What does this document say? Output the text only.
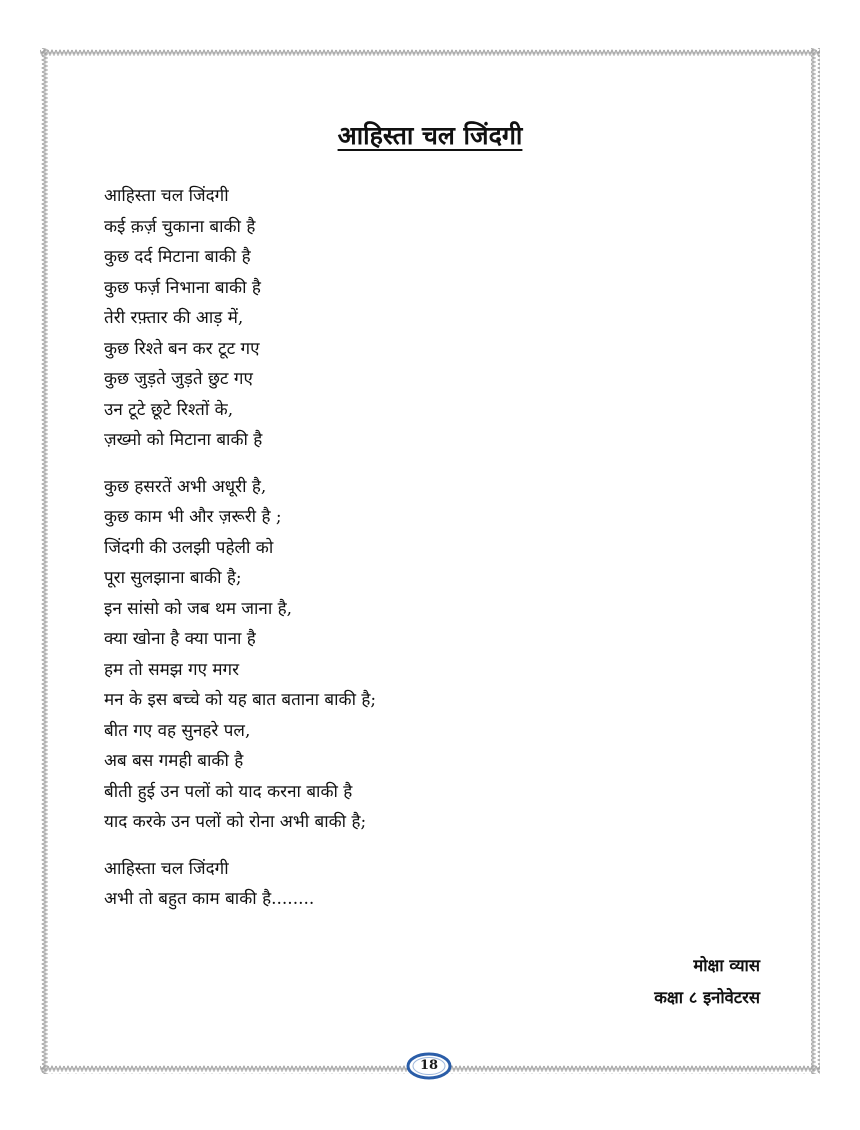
आहिस्ता चल जिंदगी

आहिस्ता चल जिंदगी
कई क़र्ज़ चुकाना बाकी है
कुछ दर्द मिटाना बाकी है
कुछ फर्ज़ निभाना बाकी है
तेरी रफ़्तार की आड़ में,
कुछ रिश्ते बन कर टूट गए
कुछ जुड़ते जुड़ते छुट गए
उन टूटे छूटे रिश्तों के,
ज़ख्मो को मिटाना बाकी है

कुछ हसरतें अभी अधूरी है,
कुछ काम भी और ज़रूरी है ;
जिंदगी की उलझी पहेली को
पूरा सुलझाना बाकी है;
इन सांसो को जब थम जाना है,
क्या खोना है क्या पाना है
हम तो समझ गए मगर
मन के इस बच्चे को यह बात बताना बाकी है;
बीत गए वह सुनहरे पल,
अब बस गमही बाकी है
बीती हुई उन पलों को याद करना बाकी है
याद करके उन पलों को रोना अभी बाकी है;

आहिस्ता चल जिंदगी
अभी तो बहुत काम बाकी है........

मोक्षा व्यास
कक्षा ८ इनोवेटरस
18
